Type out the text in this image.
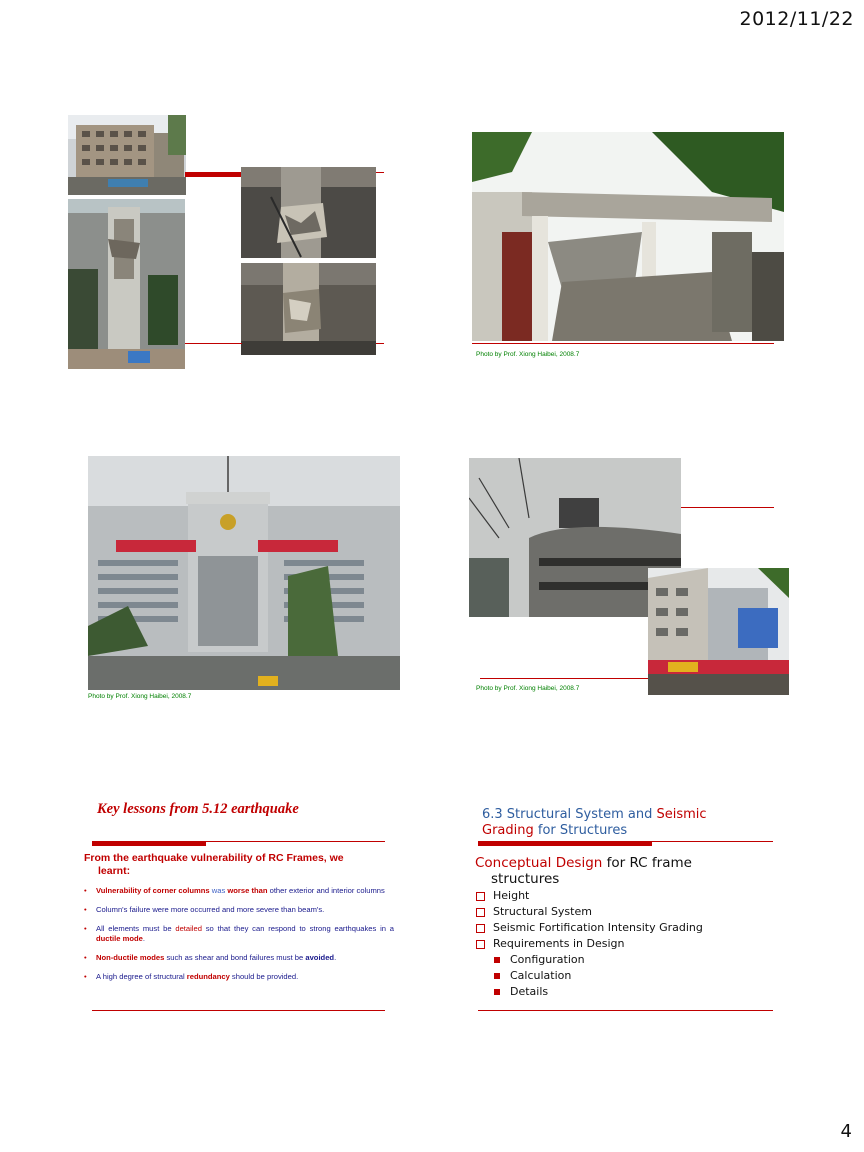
2012/11/22
Photo by Prof. Xiong Haibei, 2008.7
Photo by Prof. Xiong Haibei, 2008.7
Photo by Prof. Xiong Haibei, 2008.7
Key lessons from 5.12 earthquake
From the earthquake vulnerability of RC Frames, we
learnt:
• Vulnerability of corner columns was worse than other exterior and interior columns
• Column's failure were more occurred and more severe than beam's.
• All elements must be detailed so that they can respond to strong earthquakes in a ductile mode.
• Non-ductile modes such as shear and bond failures must be avoided.
• A high degree of structural redundancy should be provided.
6.3 Structural System and Seismic
Grading for Structures
Conceptual Design for RC frame
structures
Height
Structural System
Seismic Fortification Intensity Grading
Requirements in Design
Configuration
Calculation
Details
4
